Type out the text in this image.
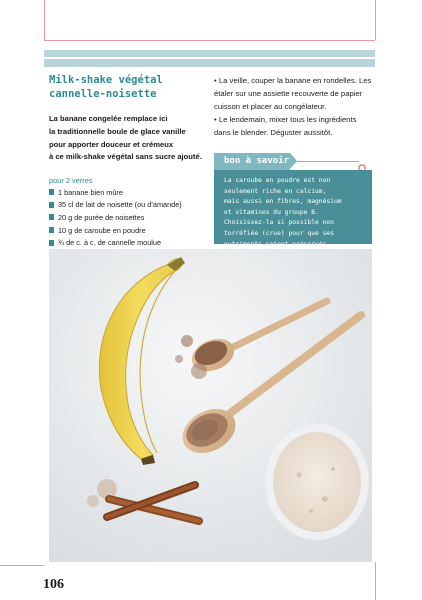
Milk-shake végétal
cannelle-noisette

La banane congelée remplace ici
la traditionnelle boule de glace vanille
pour apporter douceur et crémeux
à ce milk-shake végétal sans sucre ajouté.

pour 2 verres

1 banane bien mûre
35 cl de lait de noisette (ou d’amande)
20 g de purée de noisettes
10 g de caroube en poudre
¾ de c. à c. de cannelle moulue
• La veille, couper la banane en rondelles. Les étaler sur une assiette recouverte de papier cuisson et placer au congélateur.
• Le lendemain, mixer tous les ingrédients dans le blender. Déguster aussitôt.
bon à savoir

La caroube en poudre est non
seulement riche en calcium,
mais aussi en fibres, magnésium
et vitamines du groupe B.
Choisissez-la si possible non
torréfiée (crue) pour que ses
nutriments soient préservés.

106
